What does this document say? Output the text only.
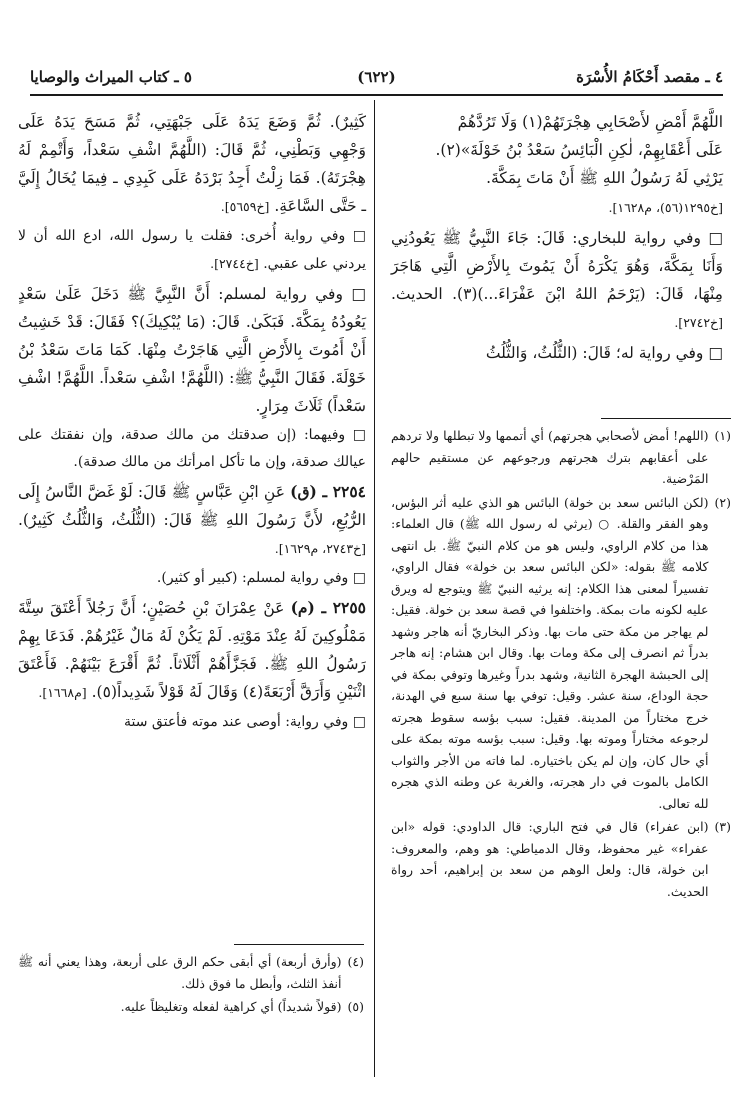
٤ ـ مقصد أَحْكَامُ الأُسْرَة
(٦٢٢)
٥ ـ كتاب الميراث والوصايا

اللَّهُمَّ أَمْضِ لأَصْحَابِي هِجْرَتَهُمْ(١) وَلَا تَرُدَّهُمْ
عَلَى أَعْقَابِهِمْ، لٰكِنِ الْبَائِسُ سَعْدُ بْنُ خَوْلَةَ»(٢).
يَرْثِي لَهُ رَسُولُ اللهِ ﷺ أَنْ مَاتَ بِمَكَّةَ.

[خ١٢٩٥(٥٦)، م١٦٢٨].

□ وفي رواية للبخاري: قَالَ: جَاءَ النَّبِيُّ ﷺ يَعُودُنِي وَأَنَا بِمَكَّةَ، وَهُوَ يَكْرَهُ أَنْ يَمُوتَ بِالأَرْضِ الَّتِي هَاجَرَ مِنْهَا، قَالَ: (يَرْحَمُ اللهُ ابْنَ عَفْرَاءَ...)(٣). الحديث. [خ٢٧٤٢].

□ وفي رواية له؛ قَالَ: (الثُّلُثُ، وَالثُّلُثُ

(١)
(اللهم! أمض لأصحابي هجرتهم) أي أتممها ولا تبطلها ولا تردهم على أعقابهم بترك هجرتهم ورجوعهم عن مستقيم حالهم المَرْضية.
(٢)
(لكن البائس سعد بن خولة) البائس هو الذي عليه أثر البؤس، وهو الفقر والقلة. ○ (يرثي له رسول الله ﷺ) قال العلماء: هذا من كلام الراوي، وليس هو من كلام النبيّ ﷺ. بل انتهى كلامه ﷺ بقوله: «لكن البائس سعد بن خولة» فقال الراوي، تفسيراً لمعنى هذا الكلام: إنه يرثيه النبيّ ﷺ ويتوجع له ويرق عليه لكونه مات بمكة. واختلفوا في قصة سعد بن خولة. فقيل: لم يهاجر من مكة حتى مات بها. وذكر البخاريّ أنه هاجر وشهد بدراً ثم انصرف إلى مكة ومات بها. وقال ابن هشام: إنه هاجر إلى الحبشة الهجرة الثانية، وشهد بدراً وغيرها وتوفي بمكة في حجة الوداع، سنة عشر. وقيل: توفي بها سنة سبع في الهدنة، خرج مختاراً من المدينة. فقيل: سبب بؤسه سقوط هجرته لرجوعه مختاراً وموته بها. وقيل: سبب بؤسه موته بمكة على أي حال كان، وإن لم يكن باختياره. لما فاته من الأجر والثواب الكامل بالموت في دار هجرته، والغربة عن وطنه الذي هجره لله تعالى.
(٣)
(ابن عفراء) قال في فتح الباري: قال الداودي: قوله «ابن عفراء» غير محفوظ، وقال الدمياطي: هو وهم، والمعروف: ابن خولة، قال: ولعل الوهم من سعد بن إبراهيم، أحد رواة الحديث.

كَثِيرٌ). ثُمَّ وَضَعَ يَدَهُ عَلَى جَبْهَتِي، ثُمَّ مَسَحَ يَدَهُ عَلَى وَجْهِي وَبَطْنِي، ثُمَّ قَالَ: (اللَّهُمَّ اشْفِ سَعْداً، وَأَتْمِمْ لَهُ هِجْرَتَهُ). فَمَا زِلْتُ أَجِدُ بَرْدَهُ عَلَى كَبِدِي ـ فِيمَا يُخَالُ إِلَيَّ ـ حَتَّى السَّاعَةِ. [خ٥٦٥٩].

□ وفي رواية أُخرى: فقلت يا رسول الله، ادع الله أن لا يردني على عقبي. [خ٢٧٤٤].

□ وفي رواية لمسلم: أَنَّ النَّبِيَّ ﷺ دَخَلَ عَلَىٰ سَعْدٍ يَعُودُهُ بِمَكَّةَ. فَبَكَىٰ. قَالَ: (مَا يُبْكِيكَ)؟ فَقَالَ: قَدْ خَشِيتُ أَنْ أَمُوتَ بِالأَرْضِ الَّتِي هَاجَرْتُ مِنْهَا. كَمَا مَاتَ سَعْدُ بْنُ خَوْلَةَ. فَقَالَ النَّبِيُّ ﷺ: (اللَّهُمَّ! اشْفِ سَعْداً. اللَّهُمَّ! اشْفِ سَعْداً) ثَلَاثَ مِرَارٍ.

□ وفيهما: (إن صدقتك من مالك صدقة، وإن نفقتك على عيالك صدقة، وإن ما تأكل امرأتك من مالك صدقة).

٢٢٥٤ ـ (ق) عَنِ ابْنِ عَبَّاسٍ ﷺ قَالَ: لَوْ غَضَّ النَّاسُ إِلَى الرُّبُعِ، لأَنَّ رَسُولَ اللهِ ﷺ قَالَ: (الثُّلُثُ، وَالثُّلُثُ كَثِيرٌ). [خ٢٧٤٣، م١٦٢٩].

□ وفي رواية لمسلم: (كبير أو كثير).

٢٢٥٥ ـ (م) عَنْ عِمْرَانَ بْنِ حُصَيْنٍ؛ أَنَّ رَجُلاً أَعْتَقَ سِتَّةَ مَمْلُوكِينَ لَهُ عِنْدَ مَوْتِهِ. لَمْ يَكُنْ لَهُ مَالٌ غَيْرُهُمْ. فَدَعَا بِهِمْ رَسُولُ اللهِ ﷺ. فَجَزَّأَهُمْ أَثْلَاثاً. ثُمَّ أَقْرَعَ بَيْنَهُمْ. فَأَعْتَقَ اثْنَيْنِ وَأَرَقَّ أَرْبَعَةً(٤) وَقَالَ لَهُ قَوْلاً شَدِيداً(٥). [م١٦٦٨].

□ وفي رواية: أوصى عند موته فأعتق ستة

(٤)
(وأرق أربعة) أي أبقى حكم الرق على أربعة، وهذا يعني أنه ﷺ أنفذ الثلث، وأبطل ما فوق ذلك.
(٥)
(قولاً شديداً) أي كراهية لفعله وتغليظاً عليه.
